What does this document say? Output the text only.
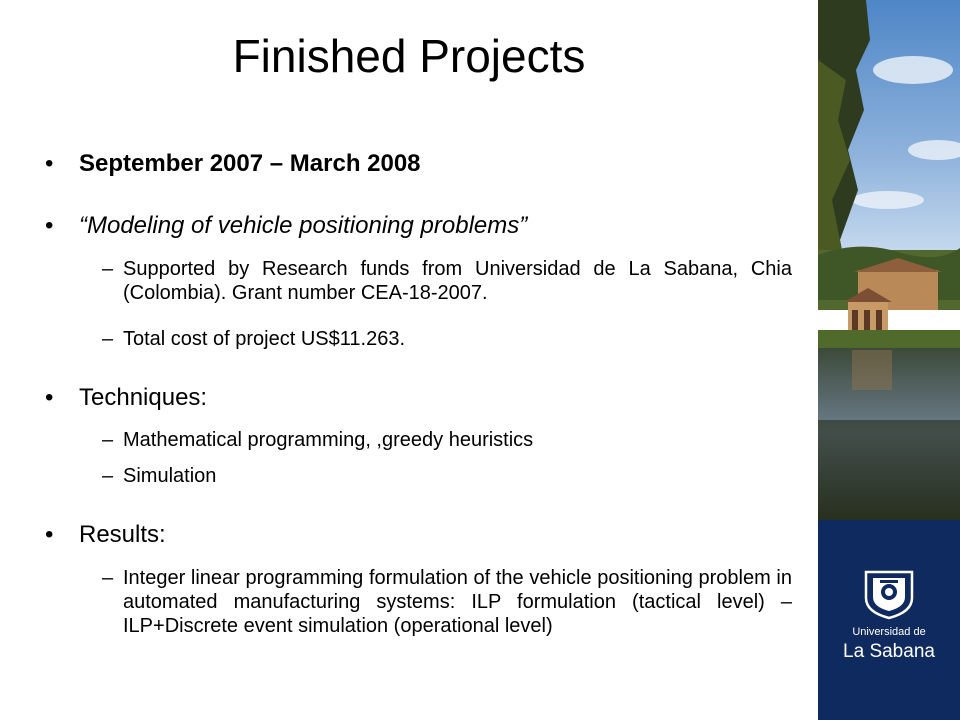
Finished Projects
• September 2007 – March 2008
• “Modeling of vehicle positioning problems”
– Supported by Research funds from Universidad de La Sabana, Chia (Colombia). Grant number CEA-18-2007.
– Total cost of project US$11.263.
• Techniques:
– Mathematical programming, ,greedy heuristics
– Simulation
• Results:
– Integer linear programming formulation of the vehicle positioning problem in automated manufacturing systems: ILP formulation (tactical level) – ILP+Discrete event simulation (operational level)	Universidad de
La Sabana
